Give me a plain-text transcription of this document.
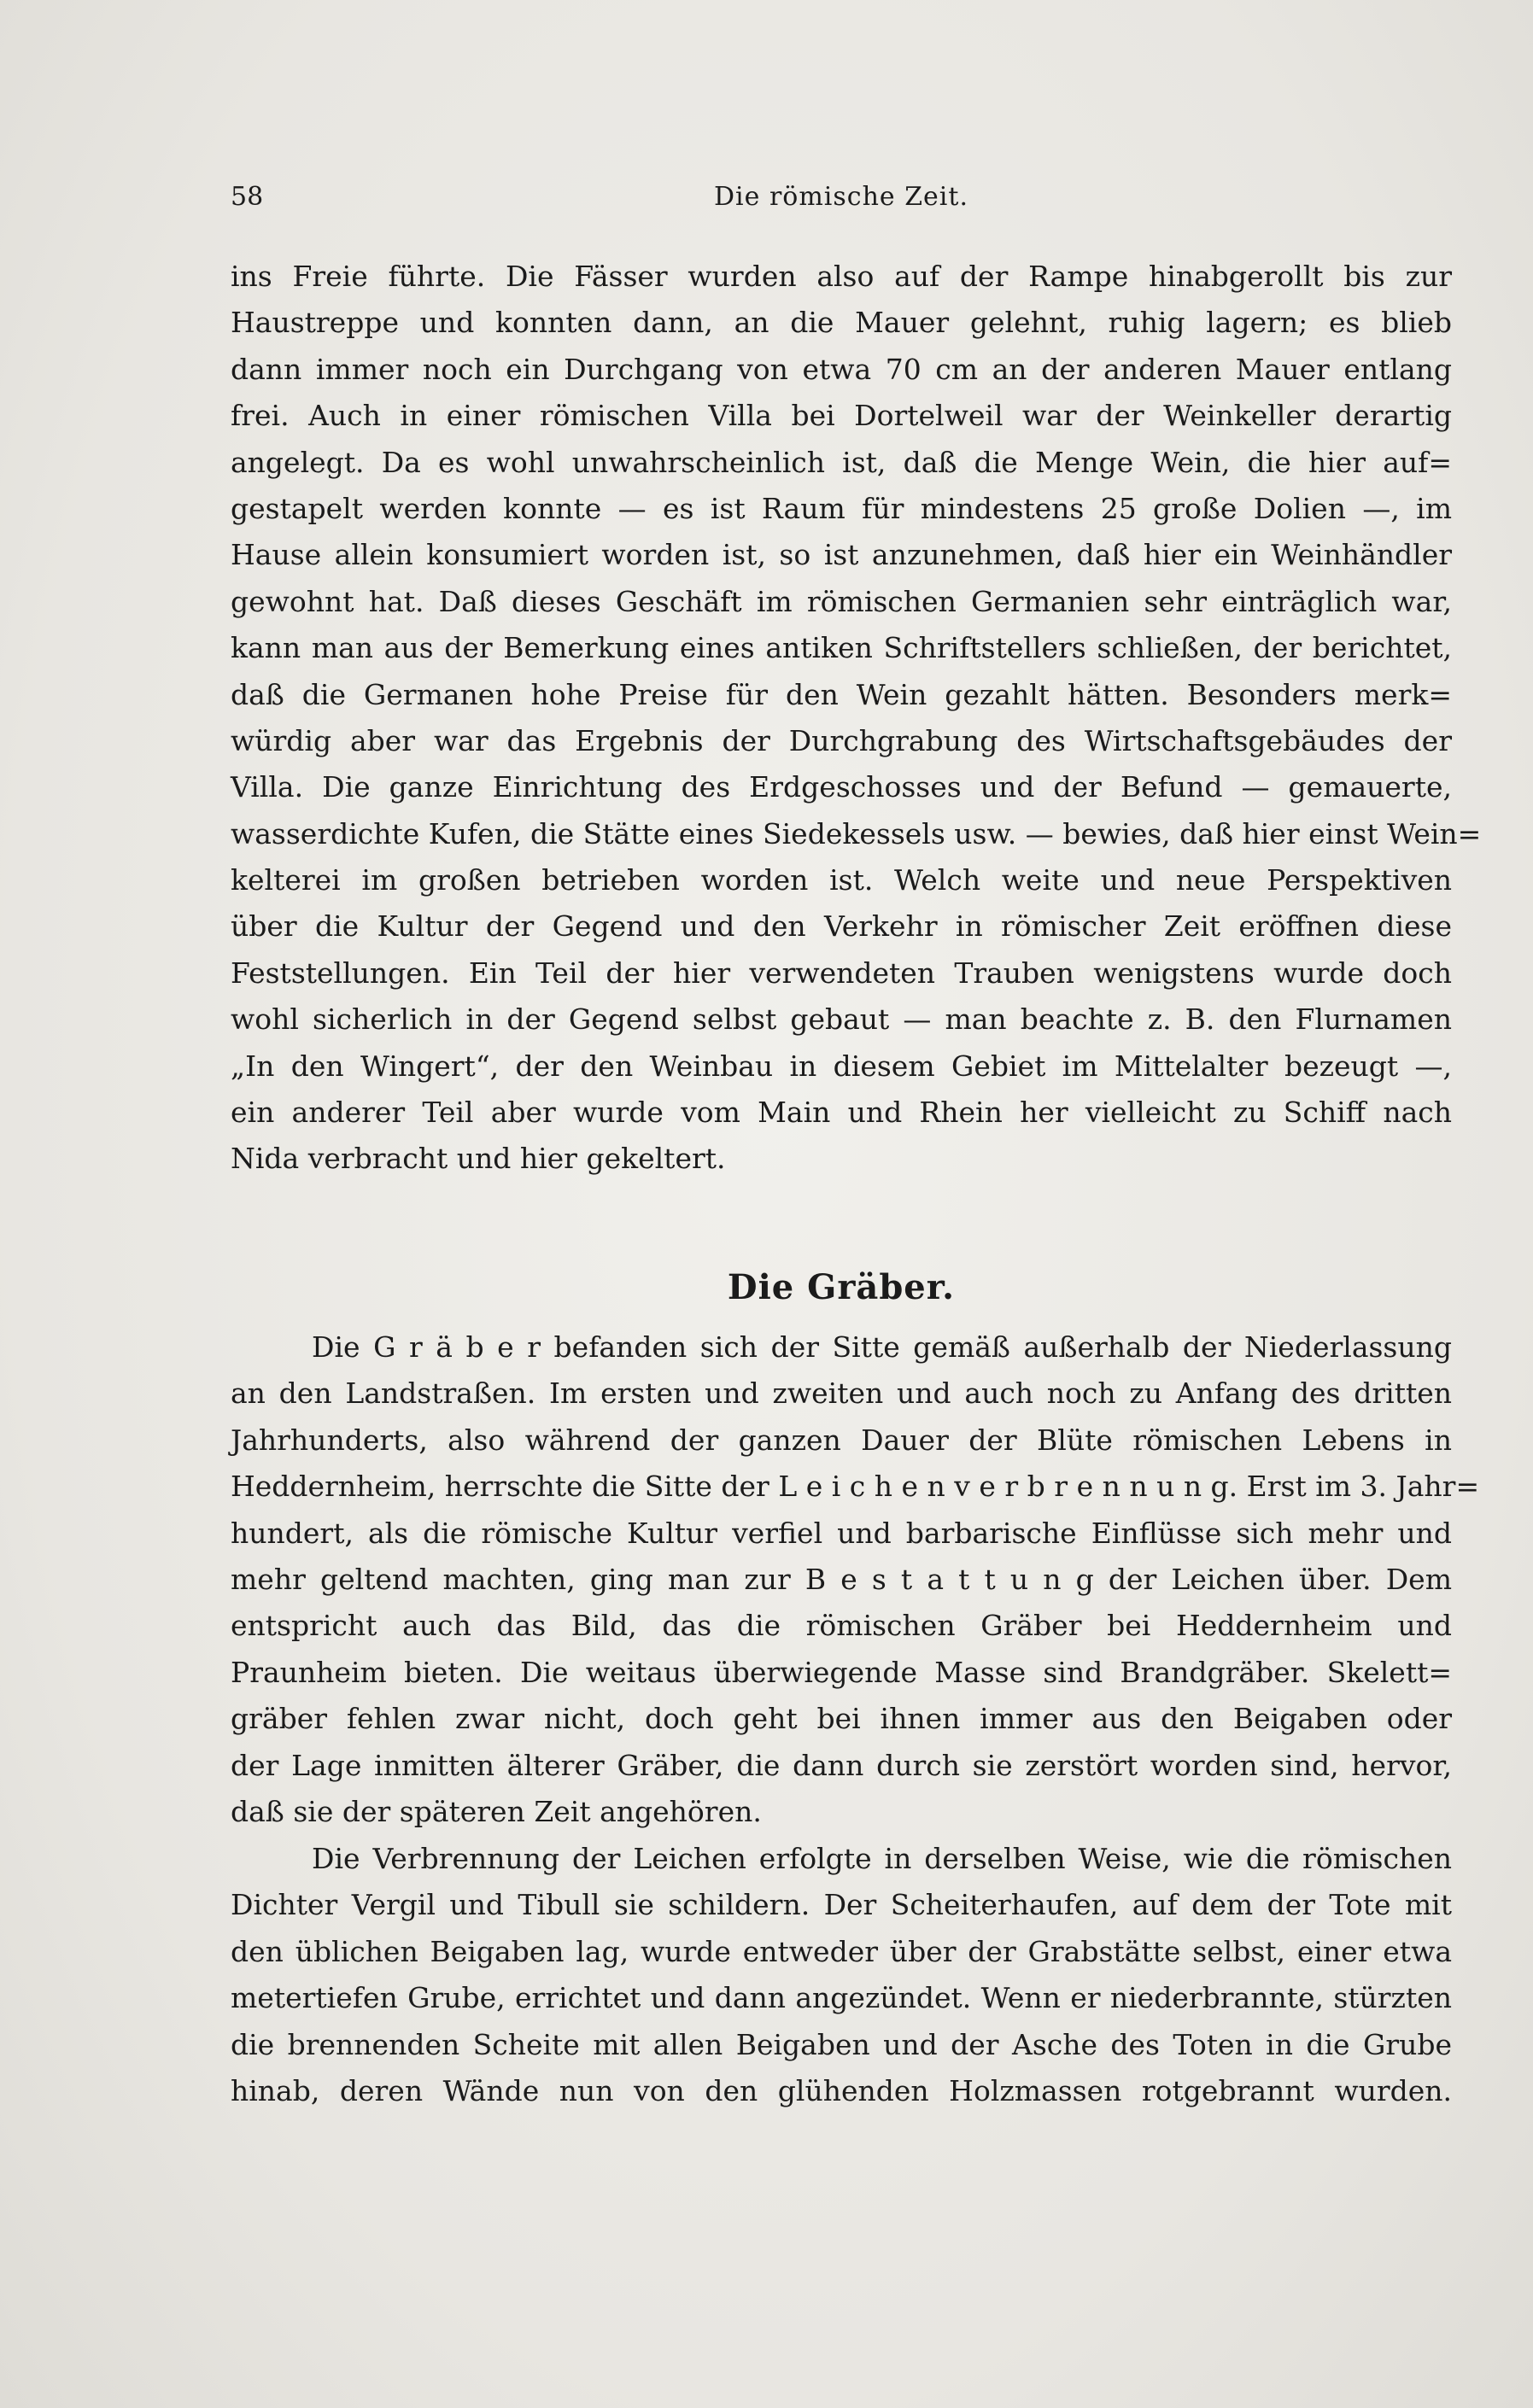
58	Die römische Zeit.
ins Freie führte. Die Fässer wurden also auf der Rampe hinabgerollt bis zur
Haustreppe und konnten dann, an die Mauer gelehnt, ruhig lagern; es blieb
dann immer noch ein Durchgang von etwa 70 cm an der anderen Mauer entlang
frei. Auch in einer römischen Villa bei Dortelweil war der Weinkeller derartig
angelegt. Da es wohl unwahrscheinlich ist, daß die Menge Wein, die hier auf=
gestapelt werden konnte — es ist Raum für mindestens 25 große Dolien —, im
Hause allein konsumiert worden ist, so ist anzunehmen, daß hier ein Weinhändler
gewohnt hat. Daß dieses Geschäft im römischen Germanien sehr einträglich war,
kann man aus der Bemerkung eines antiken Schriftstellers schließen, der berichtet,
daß die Germanen hohe Preise für den Wein gezahlt hätten. Besonders merk=
würdig aber war das Ergebnis der Durchgrabung des Wirtschaftsgebäudes der
Villa. Die ganze Einrichtung des Erdgeschosses und der Befund — gemauerte,
wasserdichte Kufen, die Stätte eines Siedekessels usw. — bewies, daß hier einst Wein=
kelterei im großen betrieben worden ist. Welch weite und neue Perspektiven
über die Kultur der Gegend und den Verkehr in römischer Zeit eröffnen diese
Feststellungen. Ein Teil der hier verwendeten Trauben wenigstens wurde doch
wohl sicherlich in der Gegend selbst gebaut — man beachte z. B. den Flurnamen
„In den Wingert“, der den Weinbau in diesem Gebiet im Mittelalter bezeugt —,
ein anderer Teil aber wurde vom Main und Rhein her vielleicht zu Schiff nach
Nida verbracht und hier gekeltert.
Die Gräber.
Die G r ä b e r befanden sich der Sitte gemäß außerhalb der Niederlassung
an den Landstraßen. Im ersten und zweiten und auch noch zu Anfang des dritten
Jahrhunderts, also während der ganzen Dauer der Blüte römischen Lebens in
Heddernheim, herrschte die Sitte der L e i c h e n v e r b r e n n u n g. Erst im 3. Jahr=
hundert, als die römische Kultur verfiel und barbarische Einflüsse sich mehr und
mehr geltend machten, ging man zur B e s t a t t u n g der Leichen über. Dem
entspricht auch das Bild, das die römischen Gräber bei Heddernheim und
Praunheim bieten. Die weitaus überwiegende Masse sind Brandgräber. Skelett=
gräber fehlen zwar nicht, doch geht bei ihnen immer aus den Beigaben oder
der Lage inmitten älterer Gräber, die dann durch sie zerstört worden sind, hervor,
daß sie der späteren Zeit angehören.
Die Verbrennung der Leichen erfolgte in derselben Weise, wie die römischen
Dichter Vergil und Tibull sie schildern. Der Scheiterhaufen, auf dem der Tote mit
den üblichen Beigaben lag, wurde entweder über der Grabstätte selbst, einer etwa
metertiefen Grube, errichtet und dann angezündet. Wenn er niederbrannte, stürzten
die brennenden Scheite mit allen Beigaben und der Asche des Toten in die Grube
hinab, deren Wände nun von den glühenden Holzmassen rotgebrannt wurden.
